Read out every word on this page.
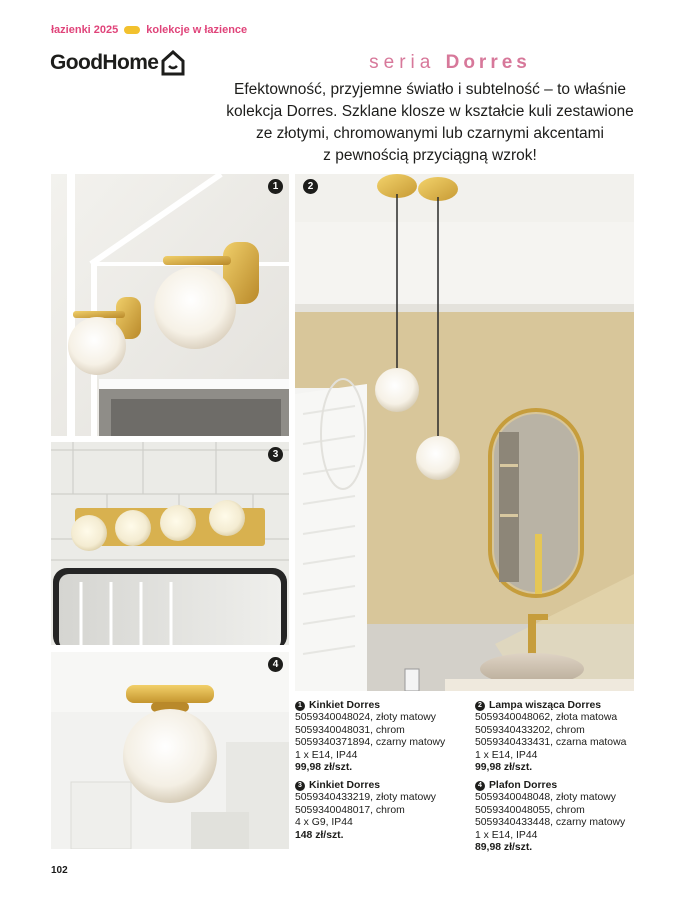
łazienki 2025	kolekcje w łazience
GoodHome	seria Dorres
Efektowność, przyjemne światło i subtelność – to właśnie
kolekcja Dorres. Szklane klosze w kształcie kuli zestawione
ze złotymi, chromowanymi lub czarnymi akcentami
z pewnością przyciągną wzrok!
1	2
3
4
1 Kinkiet Dorres
5059340048024, złoty matowy
5059340048031, chrom
5059340371894, czarny matowy
1 x E14, IP44
99,98 zł/szt.
2 Lampa wisząca Dorres
5059340048062, złota matowa
5059340433202, chrom
5059340433431, czarna matowa
1 x E14, IP44
99,98 zł/szt.
3 Kinkiet Dorres
5059340433219, złoty matowy
5059340048017, chrom
4 x G9, IP44
148 zł/szt.
4 Plafon Dorres
5059340048048, złoty matowy
5059340048055, chrom
5059340433448, czarny matowy
1 x E14, IP44
89,98 zł/szt.
102
